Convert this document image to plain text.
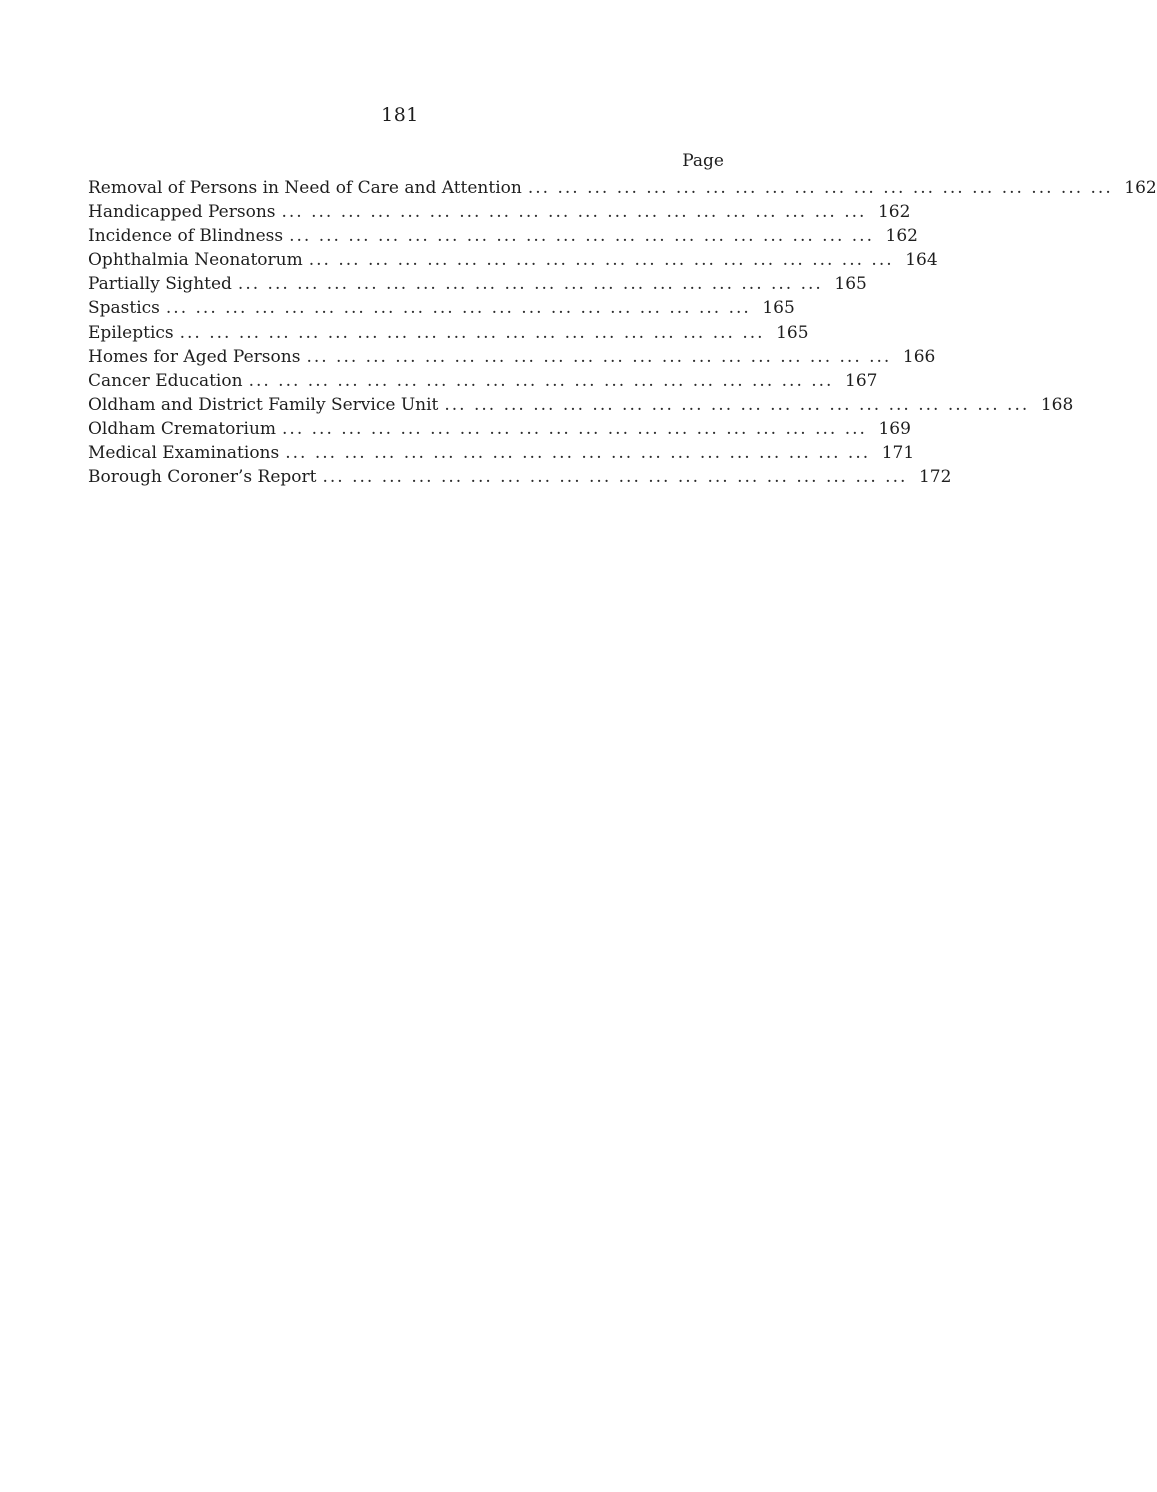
181
Page
Removal of Persons in Need of Care and Attention ... ... ... ... ... ... ... ... ... ... ... ... ... ... ... ... ... ... ... ... 162
Handicapped Persons ... ... ... ... ... ... ... ... ... ... ... ... ... ... ... ... ... ... ... ... 162
Incidence of Blindness ... ... ... ... ... ... ... ... ... ... ... ... ... ... ... ... ... ... ... ... 162
Ophthalmia Neonatorum ... ... ... ... ... ... ... ... ... ... ... ... ... ... ... ... ... ... ... ... 164
Partially Sighted ... ... ... ... ... ... ... ... ... ... ... ... ... ... ... ... ... ... ... ... 165
Spastics ... ... ... ... ... ... ... ... ... ... ... ... ... ... ... ... ... ... ... ... 165
Epileptics ... ... ... ... ... ... ... ... ... ... ... ... ... ... ... ... ... ... ... ... 165
Homes for Aged Persons ... ... ... ... ... ... ... ... ... ... ... ... ... ... ... ... ... ... ... ... 166
Cancer Education ... ... ... ... ... ... ... ... ... ... ... ... ... ... ... ... ... ... ... ... 167
Oldham and District Family Service Unit ... ... ... ... ... ... ... ... ... ... ... ... ... ... ... ... ... ... ... ... 168
Oldham Crematorium ... ... ... ... ... ... ... ... ... ... ... ... ... ... ... ... ... ... ... ... 169
Medical Examinations ... ... ... ... ... ... ... ... ... ... ... ... ... ... ... ... ... ... ... ... 171
Borough Coroner’s Report ... ... ... ... ... ... ... ... ... ... ... ... ... ... ... ... ... ... ... ... 172
